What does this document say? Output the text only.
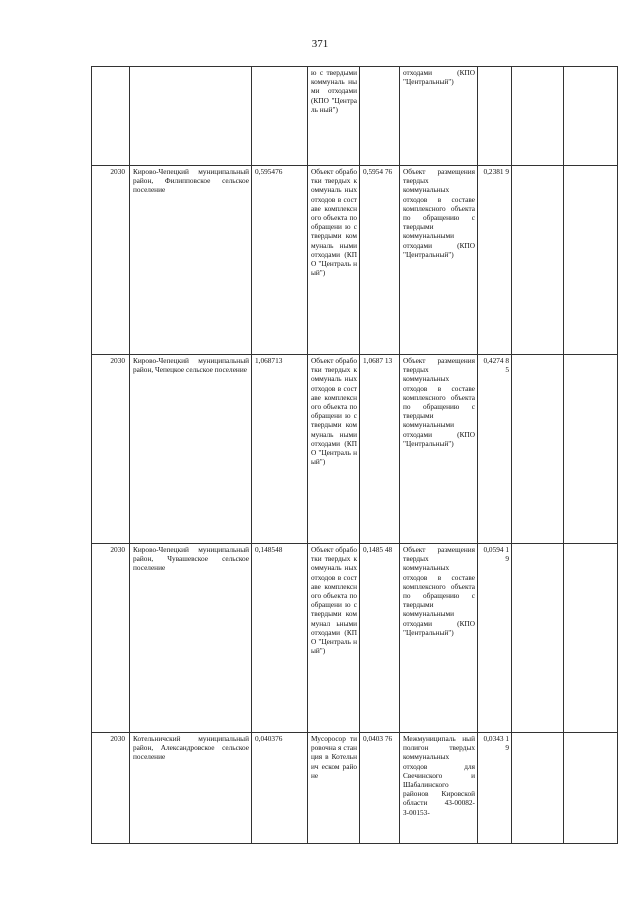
371
			ю с твердыми коммуналь ными отходами (КПО "Централь ный")		отходами (КПО "Центральный")				
2030	Кирово-Чепецкий муниципальный район, Филипповское сельское поселение	0,595476	Объект обработки твердых коммуналь ных отходов в составе комплексн ого объекта по обращени ю с твердыми коммуналь ными отходами (КПО "Централь ный")	0,5954 76	Объект размещения твердых коммунальных отходов в составе комплексного объекта по обращению с твердыми коммунальными отходами (КПО "Центральный")	0,2381 9			
2030	Кирово-Чепецкий муниципальный район, Чепецкое сельское поселение	1,068713	Объект обработки твердых коммуналь ных отходов в составе комплексн ого объекта по обращени ю с твердыми коммуналь ными отходами (КПО "Централь ный")	1,0687 13	Объект размещения твердых коммунальных отходов в составе комплексного объекта по обращению с твердыми коммунальными отходами (КПО "Центральный")	0,4274 85			
2030	Кирово-Чепецкий муниципальный район, Чувашевское сельское поселение	0,148548	Объект обработки твердых коммуналь ных отходов в составе комплексн ого объекта по обращени ю с твердыми коммунал ьными отходами (КПО "Централь ный")	0,1485 48	Объект размещения твердых коммунальных отходов в составе комплексного объекта по обращению с твердыми коммунальными отходами (КПО "Центральный")	0,0594 19			
2030	Котельничский муниципальный район, Александровское сельское поселение	0,040376	Мусоросор тировочна я станция в Котельнич еском районе	0,0403 76	Межмуниципаль ный полигон твердых коммунальных отходов для Свечинского и Шабалинского районов Кировской области 43-00082-З-00153-	0,0343 19			
